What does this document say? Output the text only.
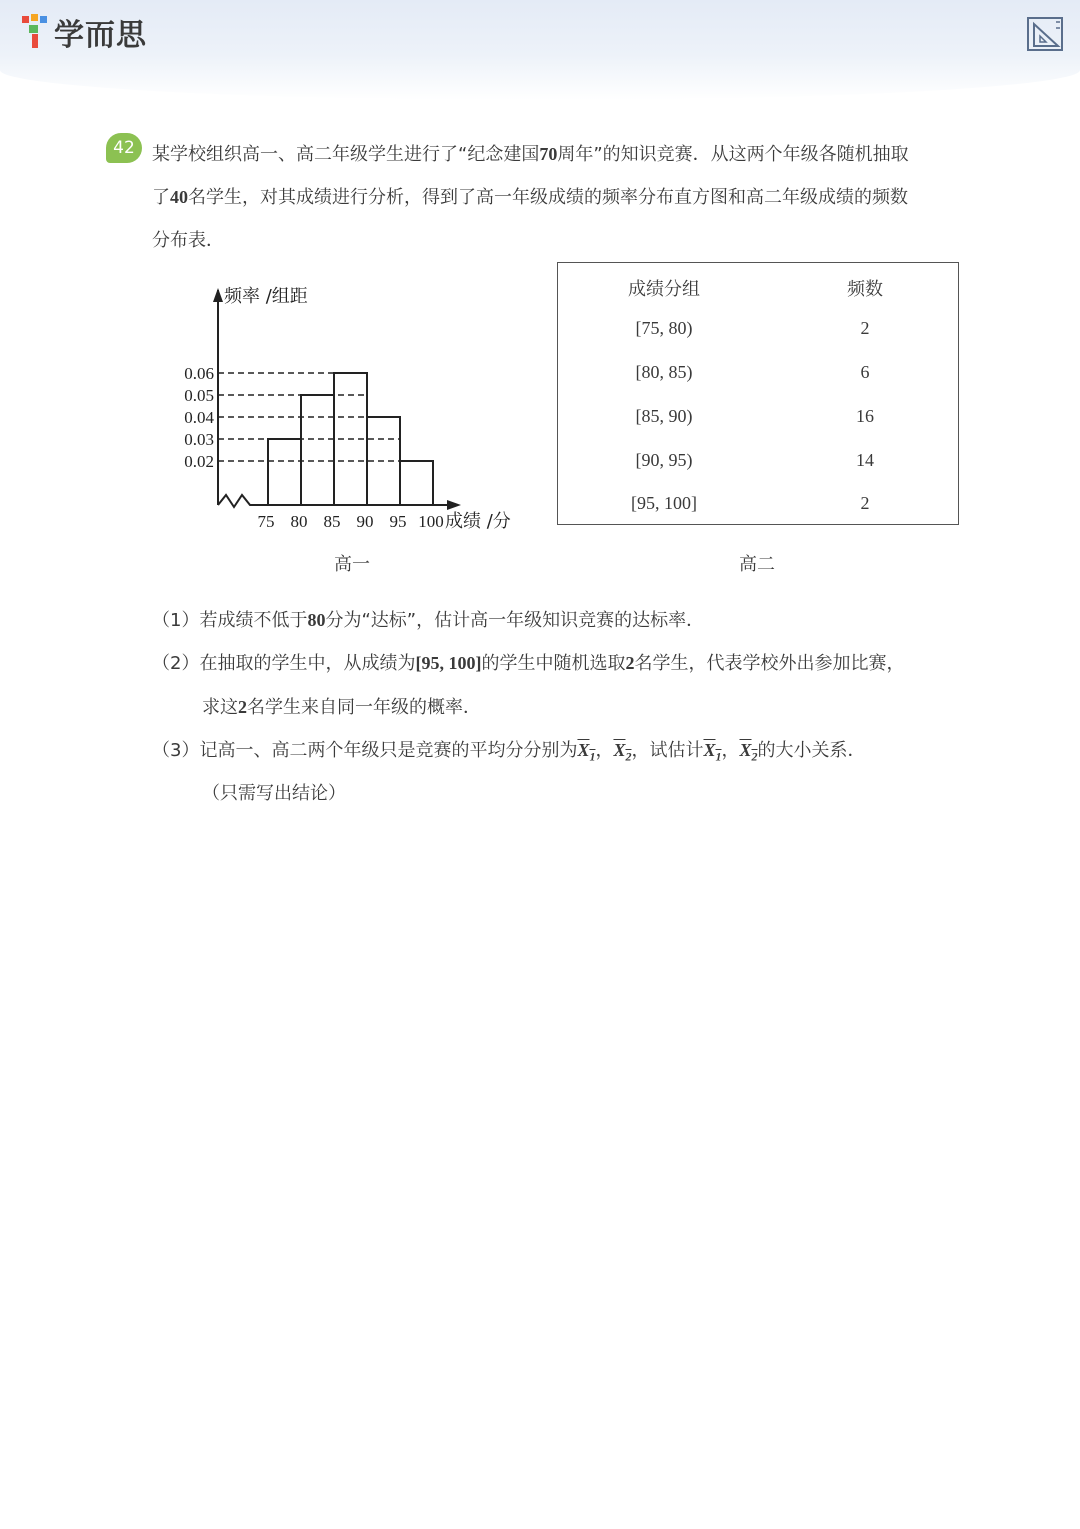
学而思
42 某学校组织高一、高二年级学生进行了“纪念建国70周年”的知识竞赛．从这两个年级各随机抽取
了40名学生，对其成绩进行分析，得到了高一年级成绩的频率分布直方图和高二年级成绩的频数
分布表．
0.06
0.05
0.04
0.03
0.02
75 80 85 90 95 100
频率 /组距
成绩 /分
高一
成绩分组	频数
[75, 80)	2
[80, 85)	6
[85, 90)	16
[90, 95)	14
[95, 100]	2
高二
（1）若成绩不低于80分为“达标”，估计高一年级知识竞赛的达标率．
（2）在抽取的学生中，从成绩为[95, 100]的学生中随机选取2名学生，代表学校外出参加比赛，
求这2名学生来自同一年级的概率．
（3）记高一、高二两个年级只是竞赛的平均分分别为$X_1$，$X_2$，试估计$X_1$，$X_2$的大小关系．
（只需写出结论）
